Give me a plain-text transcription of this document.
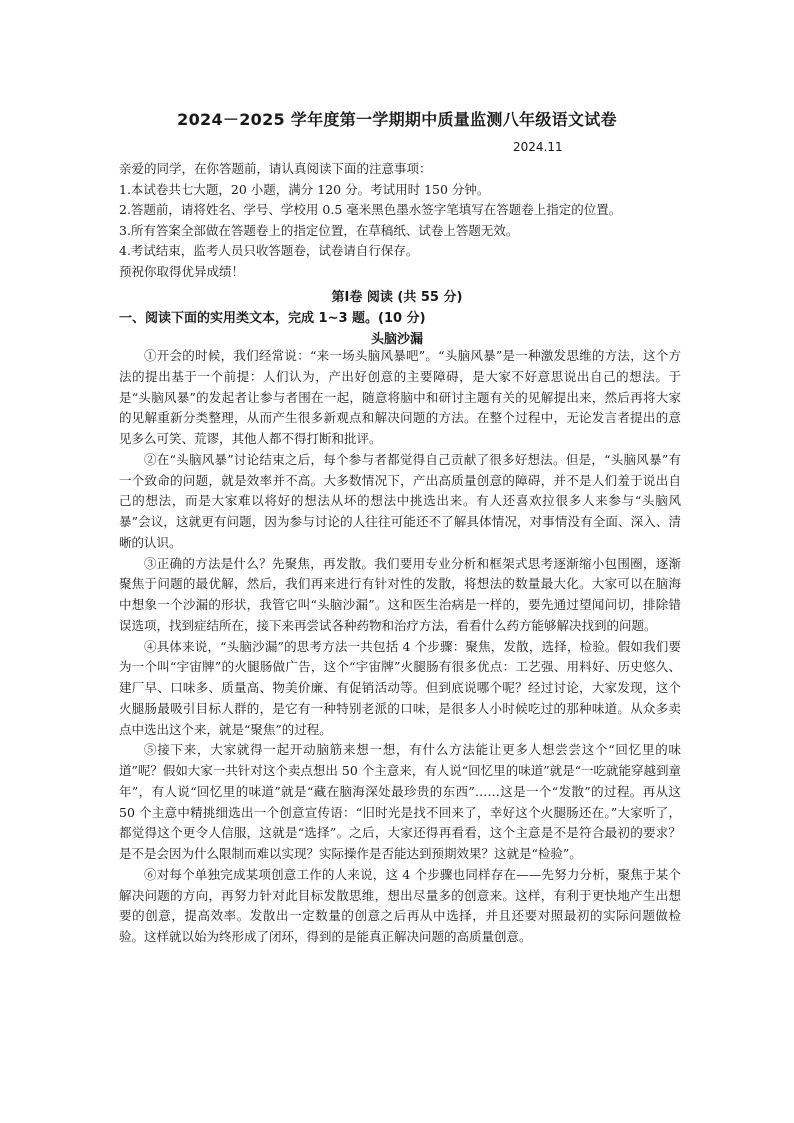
2024－2025 学年度第一学期期中质量监测八年级语文试卷
2024.11

亲爱的同学，在你答题前，请认真阅读下面的注意事项：

1.本试卷共七大题，20 小题，满分 120 分。考试用时 150 分钟。

2.答题前，请将姓名、学号、学校用 0.5 毫米黑色墨水签字笔填写在答题卷上指定的位置。

3.所有答案全部做在答题卷上的指定位置，在草稿纸、试卷上答题无效。

4.考试结束，监考人员只收答题卷，试卷请自行保存。

预祝你取得优异成绩！

第Ⅰ卷 阅读 (共 55 分)
一、阅读下面的实用类文本，完成 1~3 题。(10 分)
头脑沙漏

①开会的时候，我们经常说：“来一场头脑风暴吧”。“头脑风暴”是一种激发思维的方法，这个方法的提出基于一个前提：人们认为，产出好创意的主要障碍，是大家不好意思说出自己的想法。于是“头脑风暴”的发起者让参与者围在一起，随意将脑中和研讨主题有关的见解提出来，然后再将大家的见解重新分类整理，从而产生很多新观点和解决问题的方法。在整个过程中，无论发言者提出的意见多么可笑、荒谬，其他人都不得打断和批评。

②在“头脑风暴”讨论结束之后，每个参与者都觉得自己贡献了很多好想法。但是，“头脑风暴”有一个致命的问题，就是效率并不高。大多数情况下，产出高质量创意的障碍，并不是人们羞于说出自己的想法，而是大家难以将好的想法从坏的想法中挑选出来。有人还喜欢拉很多人来参与“头脑风暴”会议，这就更有问题，因为参与讨论的人往往可能还不了解具体情况，对事情没有全面、深入、清晰的认识。

③正确的方法是什么？先聚焦，再发散。我们要用专业分析和框架式思考逐渐缩小包围圈，逐渐聚焦于问题的最优解，然后，我们再来进行有针对性的发散，将想法的数量最大化。大家可以在脑海中想象一个沙漏的形状，我管它叫“头脑沙漏”。这和医生治病是一样的，要先通过望闻问切，排除错误选项，找到症结所在，接下来再尝试各种药物和治疗方法，看看什么药方能够解决找到的问题。

④具体来说，“头脑沙漏”的思考方法一共包括 4 个步骤：聚焦，发散，选择，检验。假如我们要为一个叫“宇宙牌”的火腿肠做广告，这个“宇宙牌”火腿肠有很多优点：工艺强、用料好、历史悠久、建厂早、口味多、质量高、物美价廉、有促销活动等。但到底说哪个呢？经过讨论，大家发现，这个火腿肠最吸引目标人群的，是它有一种特别老派的口味，是很多人小时候吃过的那种味道。从众多卖点中选出这个来，就是“聚焦”的过程。

⑤接下来，大家就得一起开动脑筋来想一想，有什么方法能让更多人想尝尝这个“回忆里的味道”呢？假如大家一共针对这个卖点想出 50 个主意来，有人说“回忆里的味道”就是“一吃就能穿越到童年”，有人说“回忆里的味道”就是“藏在脑海深处最珍贵的东西”……这是一个“发散”的过程。再从这 50 个主意中精挑细选出一个创意宣传语：“旧时光是找不回来了，幸好这个火腿肠还在。”大家听了，都觉得这个更令人信服，这就是“选择”。之后，大家还得再看看，这个主意是不是符合最初的要求？是不是会因为什么限制而难以实现？实际操作是否能达到预期效果？这就是“检验”。

⑥对每个单独完成某项创意工作的人来说，这 4 个步骤也同样存在——先努力分析，聚焦于某个解决问题的方向，再努力针对此目标发散思维，想出尽量多的创意来。这样，有利于更快地产生出想要的创意，提高效率。发散出一定数量的创意之后再从中选择，并且还要对照最初的实际问题做检验。这样就以始为终形成了闭环，得到的是能真正解决问题的高质量创意。
